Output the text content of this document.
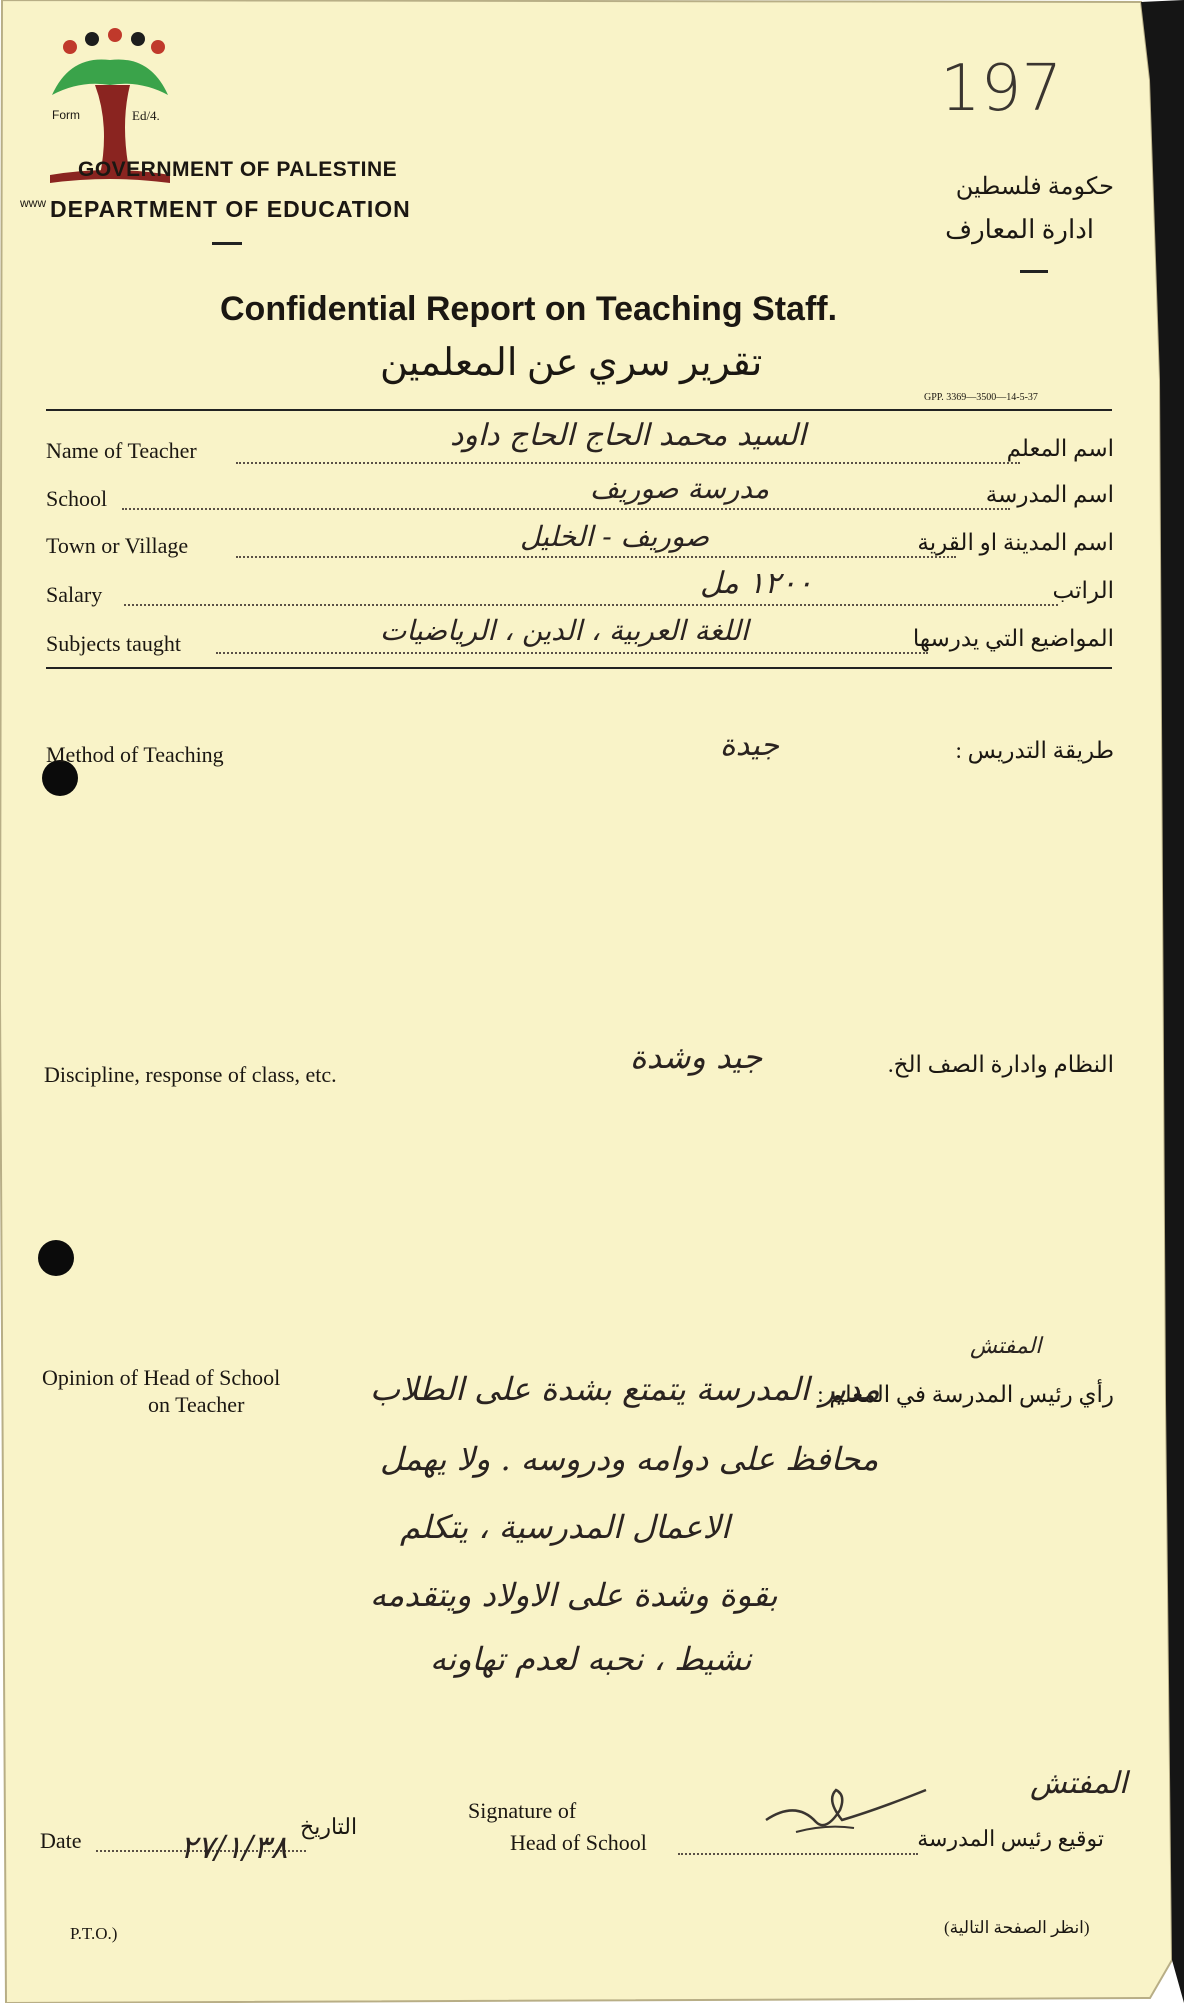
Form	Ed/4.
www
GOVERNMENT OF PALESTINE
DEPARTMENT OF EDUCATION
197
حكومة فلسطين
ادارة المعارف
Confidential Report on Teaching Staff.
تقرير سري عن المعلمين
GPP. 3369—3500—14-5-37
Name of Teacher	السيد محمد الحاج الحاج داود	اسم المعلم
School	مدرسة صوريف	اسم المدرسة
Town or Village	صوريف - الخليل	اسم المدينة او القرية
Salary	١٢٠٠ مل	الراتب
Subjects taught	اللغة العربية ، الدين ، الرياضيات	المواضيع التي يدرسها
Method of Teaching	جيدة	طريقة التدريس :
Discipline, response of class, etc.	جيد وشدة	النظام وادارة الصف الخ.
Opinion of Head of School
on Teacher	رأي رئيس المدرسة في المعلم :
المفتش
مدير المدرسة يتمتع بشدة على الطلاب
محافظ على دوامه ودروسه . ولا يهمل
الاعمال المدرسية ، يتكلم
بقوة وشدة على الاولاد ويتقدمه
نشيط ، نحبه لعدم تهاونه
Date	٢٧/١/٣٨
التاريخ
Signature of
Head of School	توقيع رئيس المدرسة
المفتش
P.T.O.)	(انظر الصفحة التالية)
